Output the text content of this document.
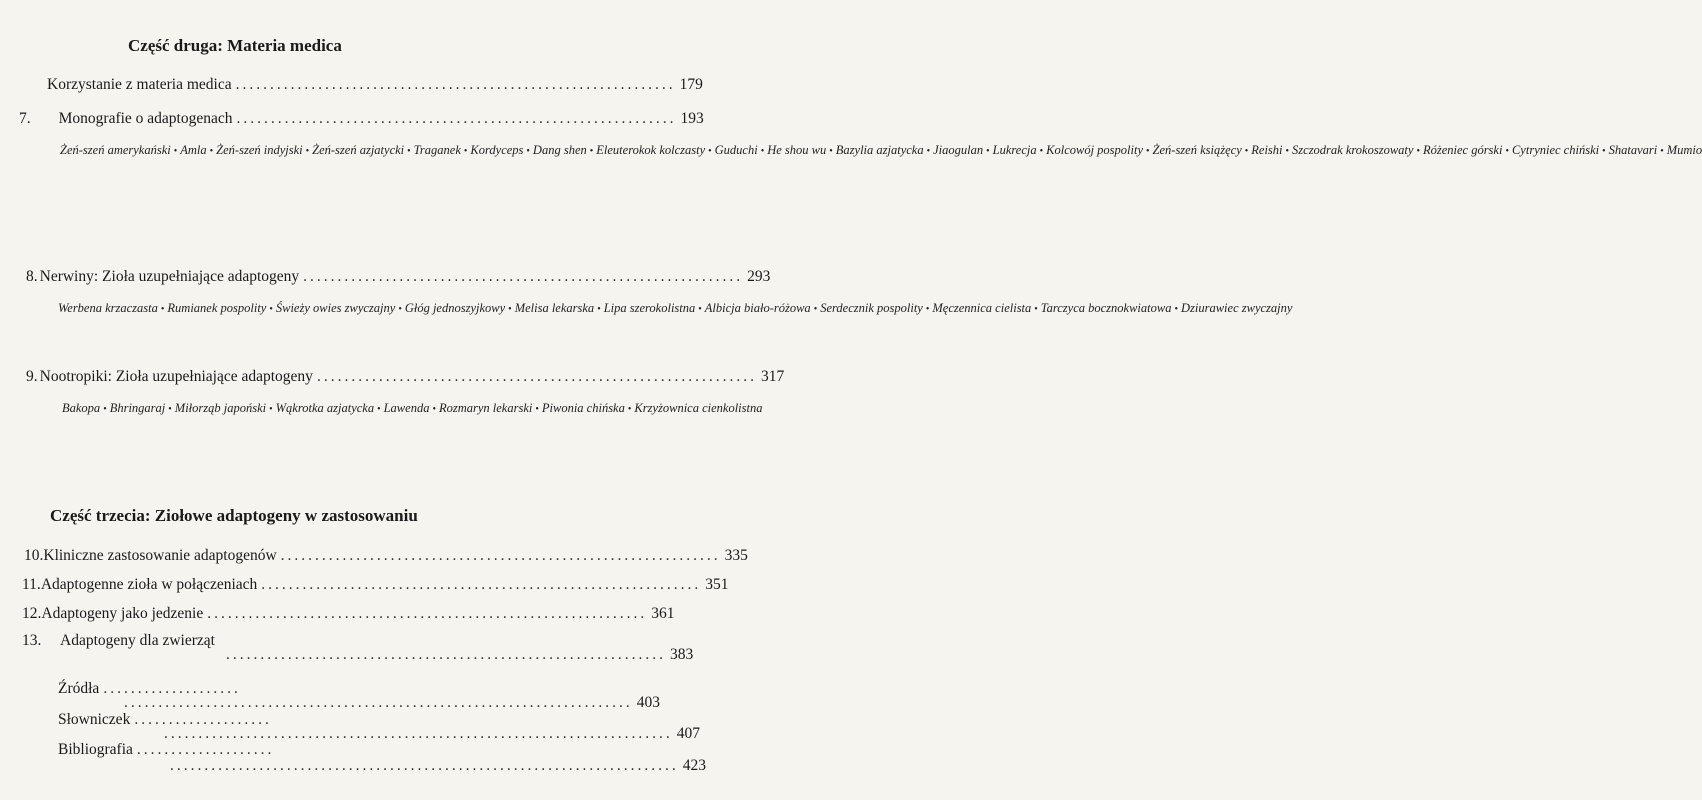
Część druga: Materia medica
Korzystanie z materia medica ................................................................ 179
7. Monografie o adaptogenach ................................................................ 193
Żeń-szeń amerykański • Amla • Żeń-szeń indyjski • Żeń-szeń azjatycki • Traganek • Kordyceps • Dang shen • Eleuterokok kolczasty • Guduchi • He shou wu • Bazylia azjatycka • Jiaogulan • Lukrecja • Kolcowój pospolity • Żeń-szeń książęcy • Reishi • Szczodrak krokoszowaty • Różeniec górski • Cytryniec chiński • Shatavari • Mumio
8. Nerwiny: Zioła uzupełniające adaptogeny ................................................................ 293
Werbena krzaczasta • Rumianek pospolity • Świeży owies zwyczajny • Głóg jednoszyjkowy • Melisa lekarska • Lipa szerokolistna • Albicja biało-różowa • Serdecznik pospolity • Męczennica cielista • Tarczyca bocznokwiatowa • Dziurawiec zwyczajny
9. Nootropiki: Zioła uzupełniające adaptogeny ................................................................ 317
Bakopa • Bhringaraj • Miłorząb japoński • Wąkrotka azjatycka • Lawenda • Rozmaryn lekarski • Piwonia chińska • Krzyżownica cienkolistna
Część trzecia: Ziołowe adaptogeny w zastosowaniu
10. Kliniczne zastosowanie adaptogenów ................................................................ 335
11. Adaptogenne zioła w połączeniach ................................................................ 351
12. Adaptogeny jako jedzenie ................................................................ 361
13.	Adaptogeny dla zwierząt
................................................................ 383
Źródła ....................
.......................................................................... 403
Słowniczek ....................
.......................................................................... 407
Bibliografia ....................
.......................................................................... 423
